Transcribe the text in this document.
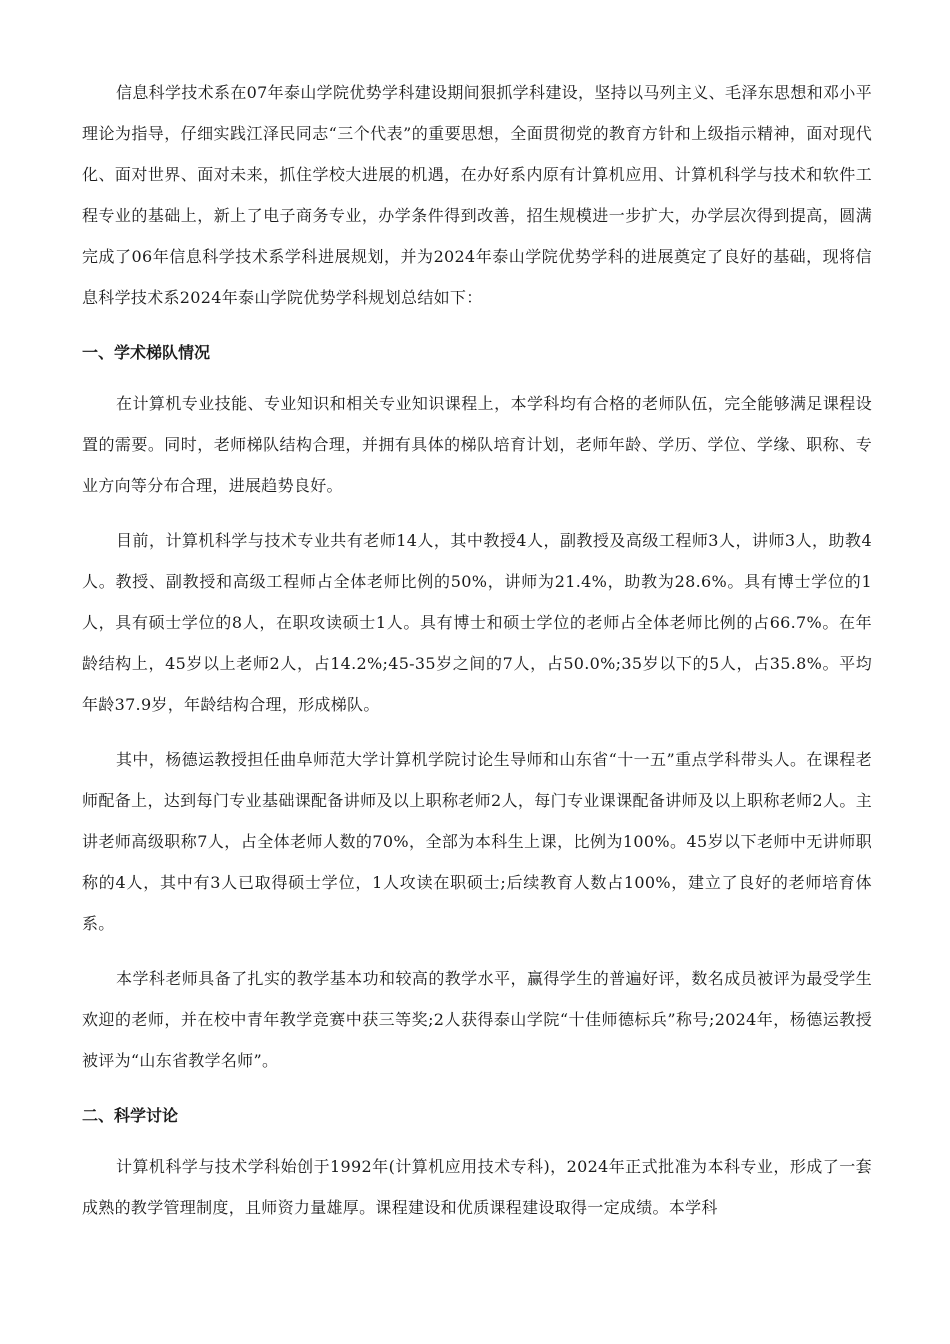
信息科学技术系在07年泰山学院优势学科建设期间狠抓学科建设，坚持以马列主义、毛泽东思想和邓小平理论为指导，仔细实践江泽民同志“三个代表”的重要思想，全面贯彻党的教育方针和上级指示精神，面对现代化、面对世界、面对未来，抓住学校大进展的机遇，在办好系内原有计算机应用、计算机科学与技术和软件工程专业的基础上，新上了电子商务专业，办学条件得到改善，招生规模进一步扩大，办学层次得到提高，圆满完成了06年信息科学技术系学科进展规划，并为2024年泰山学院优势学科的进展奠定了良好的基础，现将信息科学技术系2024年泰山学院优势学科规划总结如下：

一、学术梯队情况

在计算机专业技能、专业知识和相关专业知识课程上，本学科均有合格的老师队伍，完全能够满足课程设置的需要。同时，老师梯队结构合理，并拥有具体的梯队培育计划，老师年龄、学历、学位、学缘、职称、专业方向等分布合理，进展趋势良好。

目前，计算机科学与技术专业共有老师14人，其中教授4人，副教授及高级工程师3人，讲师3人，助教4人。教授、副教授和高级工程师占全体老师比例的50%，讲师为21.4%，助教为28.6%。具有博士学位的1人，具有硕士学位的8人，在职攻读硕士1人。具有博士和硕士学位的老师占全体老师比例的占66.7%。在年龄结构上，45岁以上老师2人，占14.2%;45-35岁之间的7人，占50.0%;35岁以下的5人，占35.8%。平均年龄37.9岁，年龄结构合理，形成梯队。

其中，杨德运教授担任曲阜师范大学计算机学院讨论生导师和山东省“十一五”重点学科带头人。在课程老师配备上，达到每门专业基础课配备讲师及以上职称老师2人，每门专业课课配备讲师及以上职称老师2人。主讲老师高级职称7人，占全体老师人数的70%，全部为本科生上课，比例为100%。45岁以下老师中无讲师职称的4人，其中有3人已取得硕士学位，1人攻读在职硕士;后续教育人数占100%，建立了良好的老师培育体系。

本学科老师具备了扎实的教学基本功和较高的教学水平，赢得学生的普遍好评，数名成员被评为最受学生欢迎的老师，并在校中青年教学竞赛中获三等奖;2人获得泰山学院“十佳师德标兵”称号;2024年，杨德运教授被评为“山东省教学名师”。

二、科学讨论

计算机科学与技术学科始创于1992年(计算机应用技术专科)，2024年正式批准为本科专业，形成了一套成熟的教学管理制度，且师资力量雄厚。课程建设和优质课程建设取得一定成绩。本学科
